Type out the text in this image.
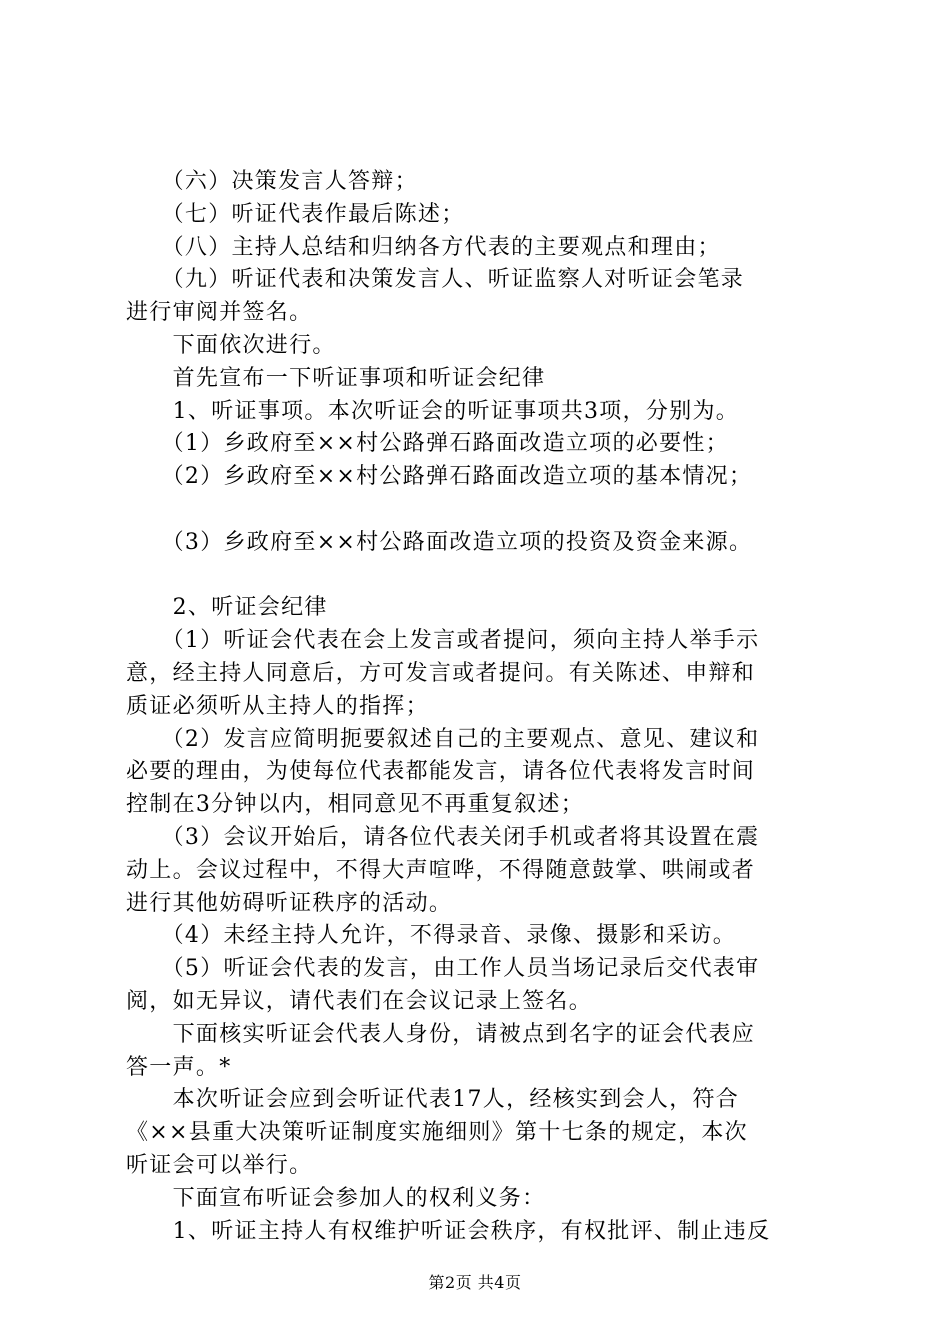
　　（六）决策发言人答辩；
　　（七）听证代表作最后陈述；
　　（八）主持人总结和归纳各方代表的主要观点和理由；
　　（九）听证代表和决策发言人、听证监察人对听证会笔录
进行审阅并签名。
　　下面依次进行。
　　首先宣布一下听证事项和听证会纪律
　　1、听证事项。本次听证会的听证事项共3项，分别为。
　　（1）乡政府至××村公路弹石路面改造立项的必要性；
　　（2）乡政府至××村公路弹石路面改造立项的基本情况；
　　（3）乡政府至××村公路面改造立项的投资及资金来源。
　　2、听证会纪律
　　（1）听证会代表在会上发言或者提问，须向主持人举手示
意，经主持人同意后，方可发言或者提问。有关陈述、申辩和
质证必须听从主持人的指挥；
　　（2）发言应简明扼要叙述自己的主要观点、意见、建议和
必要的理由，为使每位代表都能发言，请各位代表将发言时间
控制在3分钟以内，相同意见不再重复叙述；
　　（3）会议开始后，请各位代表关闭手机或者将其设置在震
动上。会议过程中，不得大声喧哗，不得随意鼓掌、哄闹或者
进行其他妨碍听证秩序的活动。
　　（4）未经主持人允许，不得录音、录像、摄影和采访。
　　（5）听证会代表的发言，由工作人员当场记录后交代表审
阅，如无异议，请代表们在会议记录上签名。
　　下面核实听证会代表人身份，请被点到名字的证会代表应
答一声。*
　　本次听证会应到会听证代表17人，经核实到会人，符合
《××县重大决策听证制度实施细则》第十七条的规定，本次
听证会可以举行。
　　下面宣布听证会参加人的权利义务：
　　1、听证主持人有权维护听证会秩序，有权批评、制止违反
第2页 共4页
